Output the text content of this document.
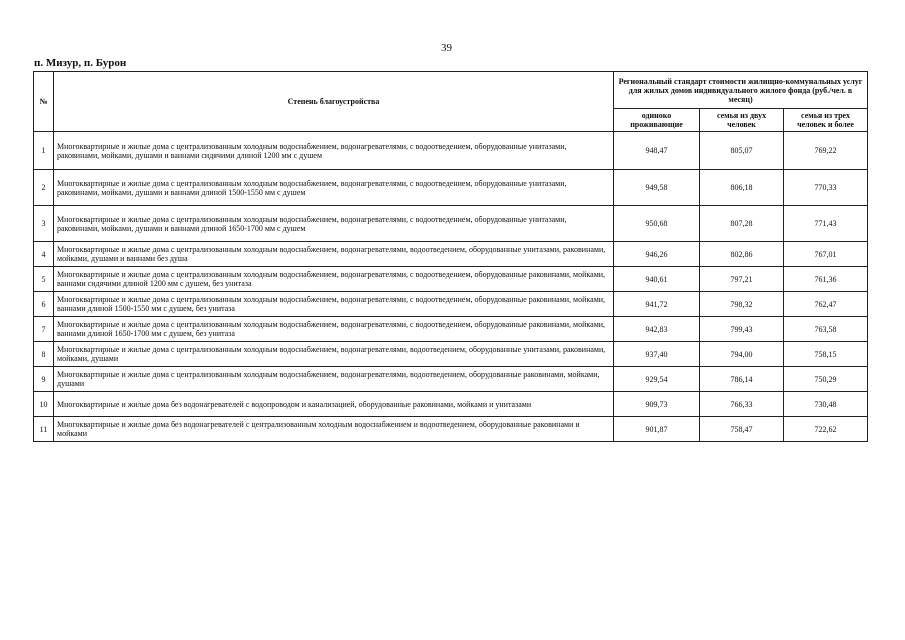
39
п. Мизур, п. Бурон
№	Степень благоустройства	Региональный стандарт стоимости жилищно-коммунальных услуг для жилых домов индивидуального жилого фонда (руб./чел. в месяц)		
		одиноко проживающие	семья из двух человек	семья из трех человек и более
1	Многоквартирные и жилые дома с централизованным холодным водоснабжением, водонагревателями, с водоотведением, оборудованные унитазами, раковинами, мойками, душами и ваннами сидячими длиной 1200 мм с душем	948,47	805,07	769,22
2	Многоквартирные и жилые дома с централизованным холодным водоснабжением, водонагревателями, с водоотведением, оборудованные унитазами, раковинами, мойками, душами и ваннами длиной 1500-1550 мм с душем	949,58	806,18	770,33
3	Многоквартирные и жилые дома с централизованным холодным водоснабжением, водонагревателями, с водоотведением, оборудованные унитазами, раковинами, мойками, душами и ваннами длиной 1650-1700 мм с душем	950,68	807,28	771,43
4	Многоквартирные и жилые дома с централизованным холодным водоснабжением, водонагревателями, водоотведением, оборудованные унитазами, раковинами, мойками, душами и ваннами без душа	946,26	802,86	767,01
5	Многоквартирные и жилые дома с централизованным холодным водоснабжением, водонагревателями, с водоотведением, оборудованные раковинами, мойками, ваннами сидячими длиной 1200 мм с душем, без унитаза	940,61	797,21	761,36
6	Многоквартирные и жилые дома с централизованным холодным водоснабжением, водонагревателями, с водоотведением, оборудованные раковинами, мойками, ваннами длиной 1500-1550 мм с душем, без унитаза	941,72	798,32	762,47
7	Многоквартирные и жилые дома с централизованным холодным водоснабжением, водонагревателями, с водоотведением, оборудованные раковинами, мойками, ваннами длиной 1650-1700 мм с душем, без унитаза	942,83	799,43	763,58
8	Многоквартирные и жилые дома с централизованным холодным водоснабжением, водонагревателями, водоотведением, оборудованные унитазами, раковинами, мойками, душами	937,40	794,00	758,15
9	Многоквартирные и жилые дома с централизованным холодным водоснабжением, водонагревателями, водоотведением, оборудованные раковинами, мойками, душами	929,54	786,14	750,29
10	Многоквартирные и жилые дома без водонагревателей с водопроводом и канализацией, оборудованные раковинами, мойками и унитазами	909,73	766,33	730,48
11	Многоквартирные и жилые дома без водонагревателей с централизованным холодным водоснабжением и водоотведением, оборудованные раковинами и мойками	901,87	758,47	722,62
